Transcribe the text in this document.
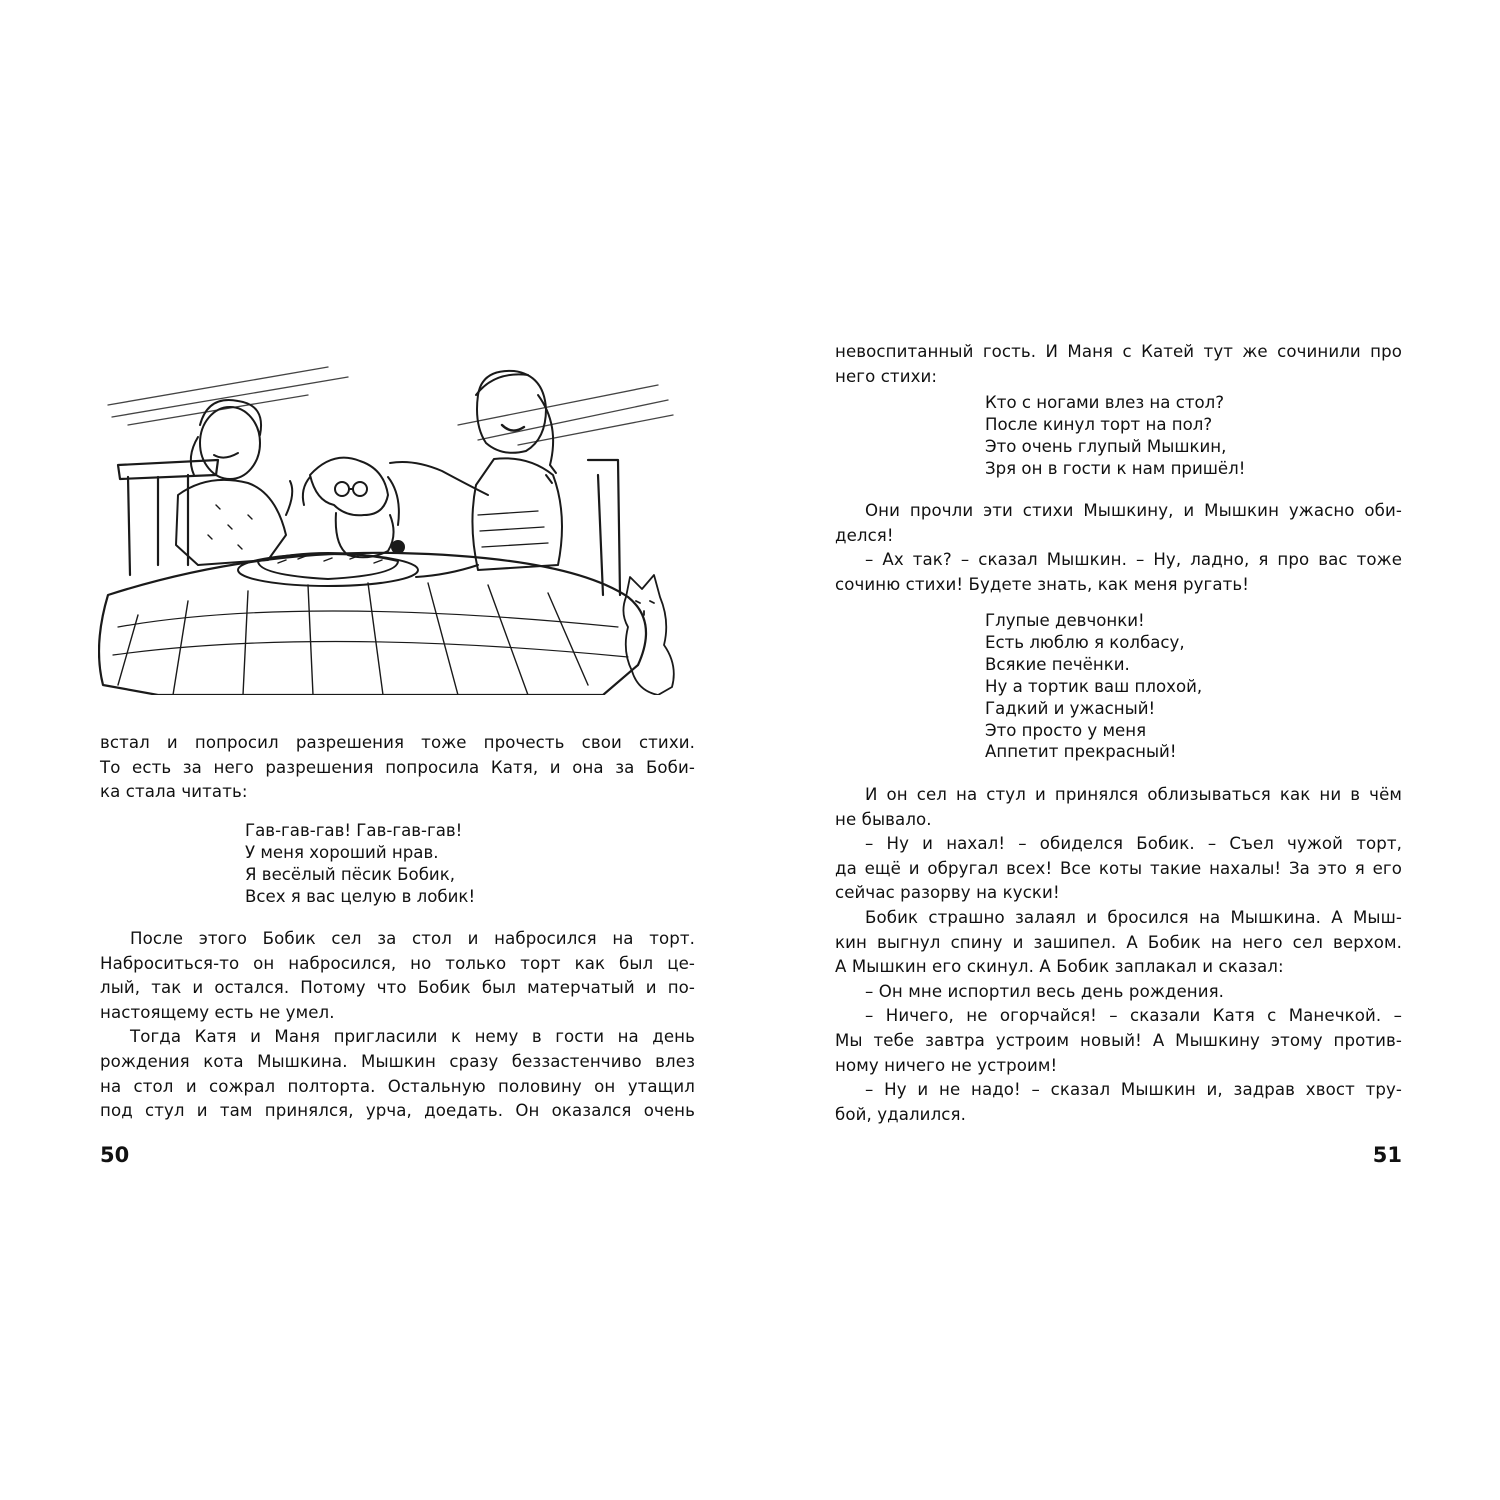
встал и попросил разрешения тоже прочесть свои стихи.

То есть за него разрешения попросила Катя, и она за Боби-

ка стала читать:

Гав-гав-гав! Гав-гав-гав!
У меня хороший нрав.
Я весёлый пёсик Бобик,
Всех я вас целую в лобик!

После этого Бобик сел за стол и набросился на торт.

Наброситься-то он набросился, но только торт как был це-

лый, так и остался. Потому что Бобик был матерчатый и по-

настоящему есть не умел.

Тогда Катя и Маня пригласили к нему в гости на день

рождения кота Мышкина. Мышкин сразу беззастенчиво влез

на стол и сожрал полторта. Остальную половину он утащил

под стул и там принялся, урча, доедать. Он оказался очень

50

невоспитанный гость. И Маня с Катей тут же сочинили про

него стихи:

Кто с ногами влез на стол?
После кинул торт на пол?
Это очень глупый Мышкин,
Зря он в гости к нам пришёл!

Они прочли эти стихи Мышкину, и Мышкин ужасно оби-

делся!

– Ах так? – сказал Мышкин. – Ну, ладно, я про вас тоже

сочиню стихи! Будете знать, как меня ругать!

Глупые девчонки!
Есть люблю я колбасу,
Всякие печёнки.
Ну а тортик ваш плохой,
Гадкий и ужасный!
Это просто у меня
Аппетит прекрасный!

И он сел на стул и принялся облизываться как ни в чём

не бывало.

– Ну и нахал! – обиделся Бобик. – Съел чужой торт,

да ещё и обругал всех! Все коты такие нахалы! За это я его

сейчас разорву на куски!

Бобик страшно залаял и бросился на Мышкина. А Мыш-

кин выгнул спину и зашипел. А Бобик на него сел верхом.

А Мышкин его скинул. А Бобик заплакал и сказал:

– Он мне испортил весь день рождения.

– Ничего, не огорчайся! – сказали Катя с Манечкой. –

Мы тебе завтра устроим новый! А Мышкину этому против-

ному ничего не устроим!

– Ну и не надо! – сказал Мышкин и, задрав хвост тру-

бой, удалился.

51
